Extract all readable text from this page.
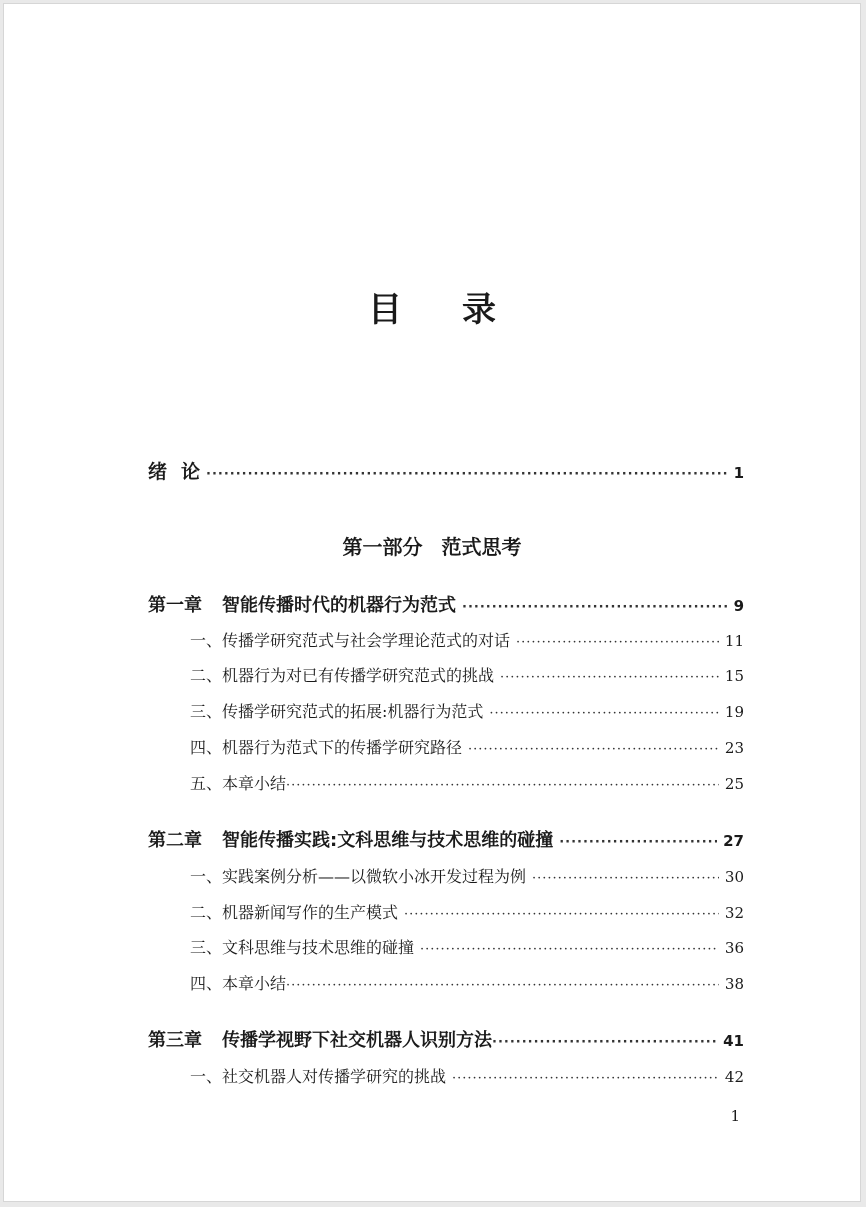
目录
绪论 ·····	1
第一部分 范式思考
第一章 智能传播时代的机器行为范式 ·····	9
一、传播学研究范式与社会学理论范式的对话 ·····	11
二、机器行为对已有传播学研究范式的挑战 ·····	15
三、传播学研究范式的拓展:机器行为范式 ·····	19
四、机器行为范式下的传播学研究路径 ·····	23
五、本章小结 ·····	25
第二章 智能传播实践:文科思维与技术思维的碰撞 ·····	27
一、实践案例分析——以微软小冰开发过程为例 ·····	30
二、机器新闻写作的生产模式 ·····	32
三、文科思维与技术思维的碰撞 ·····	36
四、本章小结 ·····	38
第三章 传播学视野下社交机器人识别方法 ·····	41
一、社交机器人对传播学研究的挑战 ·····	42
1
